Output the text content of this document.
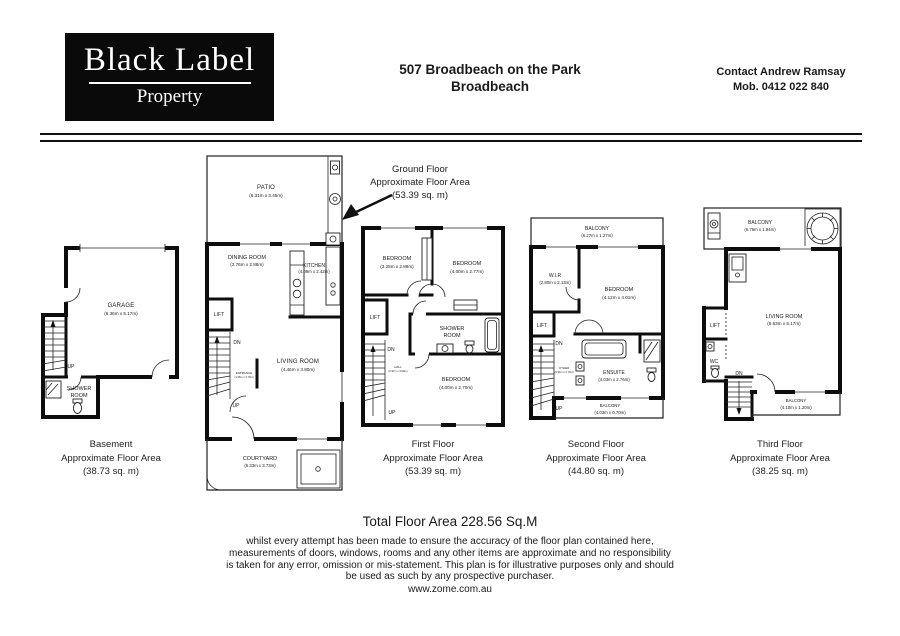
Black Label
Property
507 Broadbeach on the Park
Broadbeach
Contact Andrew Ramsay
Mob. 0412 022 840
Ground Floor
Approximate Floor Area
(53.39 sq. m)
GARAGE
(6.36m x 5.17m)
UP
SHOWER
ROOM
Basement
Approximate Floor Area
(38.73 sq. m)
PATIO
(6.31m x 3.45m)
DINING ROOM
(3.76m x 2.88m)	KITCHEN
(4.09m x 2.42m)
LIFT
DN
ENTRANCE
(1.06m x 3.79m)
UP
LIVING ROOM
(4.46m x 3.80m)
COURTYARD
(6.33m x 3.73m)
BEDROOM
(3.28m x 2.89m)	BEDROOM
(4.00m x 2.77m)
LIFT
DN
HALL
(0.97m x 3.09m)
SHOWER
ROOM
UP
BEDROOM
(4.00m x 2.70m)
First Floor
Approximate Floor Area
(53.39 sq. m)
BALCONY
(6.27m x 1.27m)
W.I.R
(2.80m x 2.13m)
BEDROOM
(4.12m x 4.01m)
LIFT
DN
OTHER
(0.91m x 2.73m)
UP
ENSUITE
(4.03m x 2.76m)
BALCONY
(4.03m x 0.70m)
Second Floor
Approximate Floor Area
(44.80 sq. m)
BALCONY
(6.76m x 1.94m)
LIVING ROOM
(6.63m x 5.17m)
LIFT
WC
DN
BALCONY
(4.10m x 1.20m)
Third Floor
Approximate Floor Area
(38.25 sq. m)
Total Floor Area 228.56 Sq.M
whilst every attempt has been made to ensure the accuracy of the floor plan contained here,
measurements of doors, windows, rooms and any other items are approximate and no responsibility
is taken for any error, omission or mis-statement. This plan is for illustrative purposes only and should
be used as such by any prospective purchaser.
www.zome.com.au
